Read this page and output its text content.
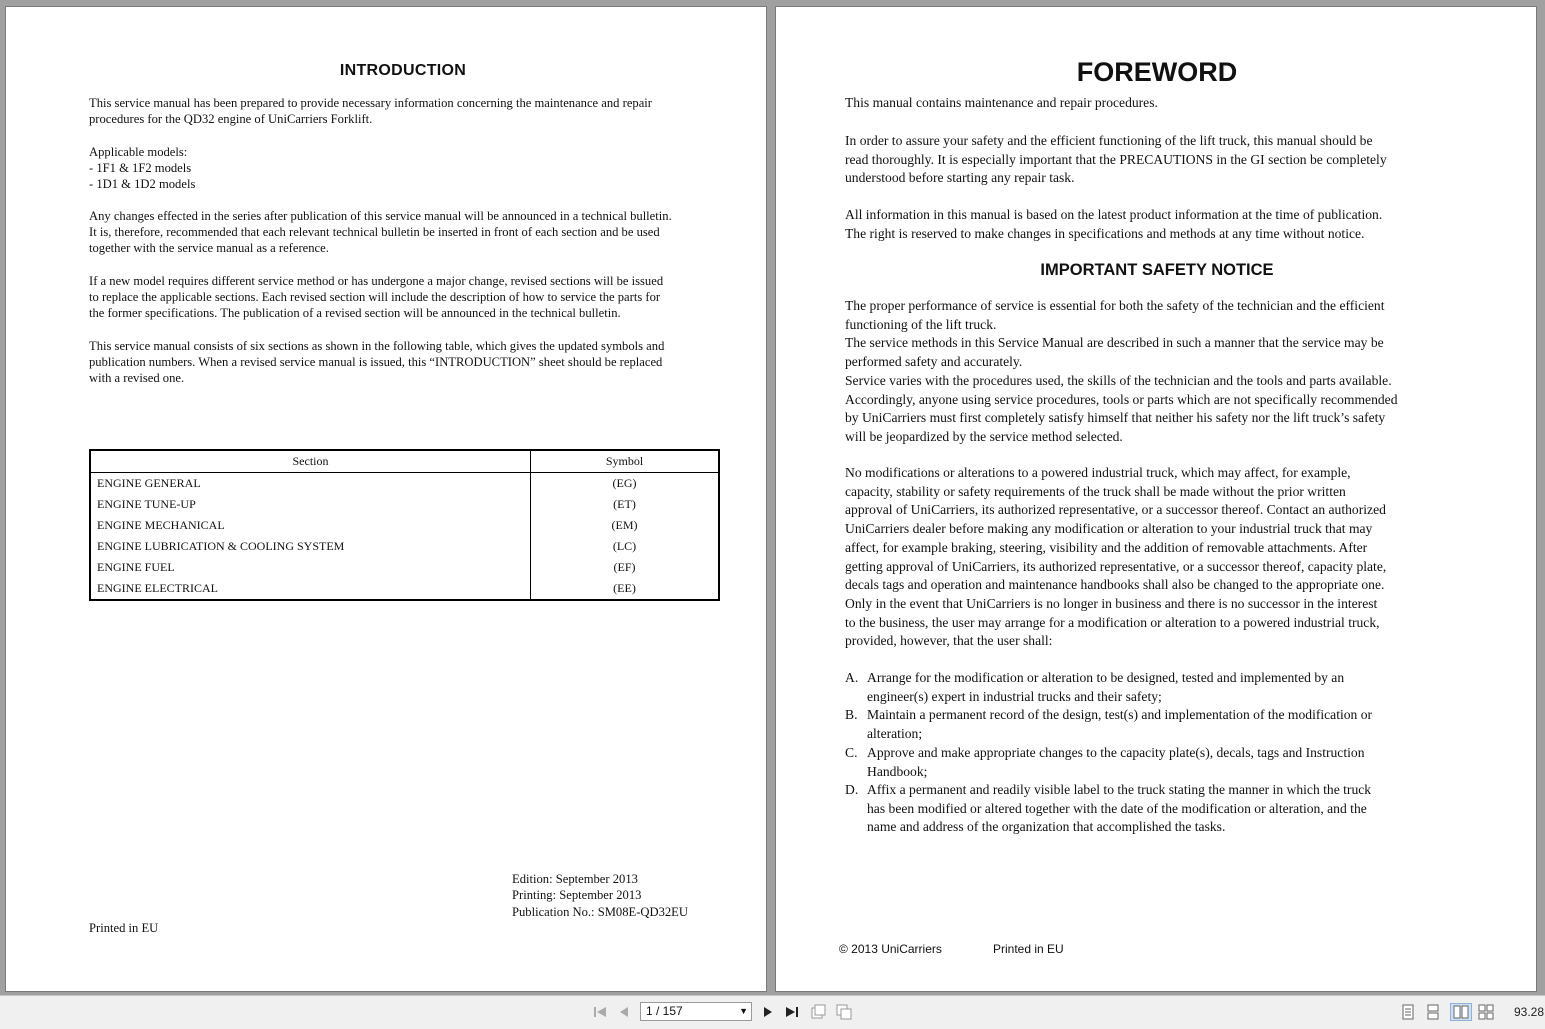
INTRODUCTION
This service manual has been prepared to provide necessary information concerning the maintenance and repair
procedures for the QD32 engine of UniCarriers Forklift.
Applicable models:
- 1F1 & 1F2 models
- 1D1 & 1D2 models
Any changes effected in the series after publication of this service manual will be announced in a technical bulletin.
It is, therefore, recommended that each relevant technical bulletin be inserted in front of each section and be used
together with the service manual as a reference.
If a new model requires different service method or has undergone a major change, revised sections will be issued
to replace the applicable sections. Each revised section will include the description of how to service the parts for
the former specifications. The publication of a revised section will be announced in the technical bulletin.
This service manual consists of six sections as shown in the following table, which gives the updated symbols and
publication numbers. When a revised service manual is issued, this “INTRODUCTION” sheet should be replaced
with a revised one.
Section	Symbol
ENGINE GENERAL	(EG)
ENGINE TUNE-UP	(ET)
ENGINE MECHANICAL	(EM)
ENGINE LUBRICATION & COOLING SYSTEM	(LC)
ENGINE FUEL	(EF)
ENGINE ELECTRICAL	(EE)
Edition: September 2013
Printing: September 2013
Publication No.: SM08E-QD32EU
Printed in EU
FOREWORD
This manual contains maintenance and repair procedures.
In order to assure your safety and the efficient functioning of the lift truck, this manual should be
read thoroughly. It is especially important that the PRECAUTIONS in the GI section be completely
understood before starting any repair task.
All information in this manual is based on the latest product information at the time of publication.
The right is reserved to make changes in specifications and methods at any time without notice.
IMPORTANT SAFETY NOTICE
The proper performance of service is essential for both the safety of the technician and the efficient
functioning of the lift truck.
The service methods in this Service Manual are described in such a manner that the service may be
performed safety and accurately.
Service varies with the procedures used, the skills of the technician and the tools and parts available.
Accordingly, anyone using service procedures, tools or parts which are not specifically recommended
by UniCarriers must first completely satisfy himself that neither his safety nor the lift truck’s safety
will be jeopardized by the service method selected.
No modifications or alterations to a powered industrial truck, which may affect, for example,
capacity, stability or safety requirements of the truck shall be made without the prior written
approval of UniCarriers, its authorized representative, or a successor thereof. Contact an authorized
UniCarriers dealer before making any modification or alteration to your industrial truck that may
affect, for example braking, steering, visibility and the addition of removable attachments. After
getting approval of UniCarriers, its authorized representative, or a successor thereof, capacity plate,
decals tags and operation and maintenance handbooks shall also be changed to the appropriate one.
Only in the event that UniCarriers is no longer in business and there is no successor in the interest
to the business, the user may arrange for a modification or alteration to a powered industrial truck,
provided, however, that the user shall:
A. Arrange for the modification or alteration to be designed, tested and implemented by an
engineer(s) expert in industrial trucks and their safety;
B. Maintain a permanent record of the design, test(s) and implementation of the modification or
alteration;
C. Approve and make appropriate changes to the capacity plate(s), decals, tags and Instruction
Handbook;
D. Affix a permanent and readily visible label to the truck stating the manner in which the truck
has been modified or altered together with the date of the modification or alteration, and the
name and address of the organization that accomplished the tasks.
© 2013 UniCarriers	Printed in EU
1 / 157	▼	93.28
